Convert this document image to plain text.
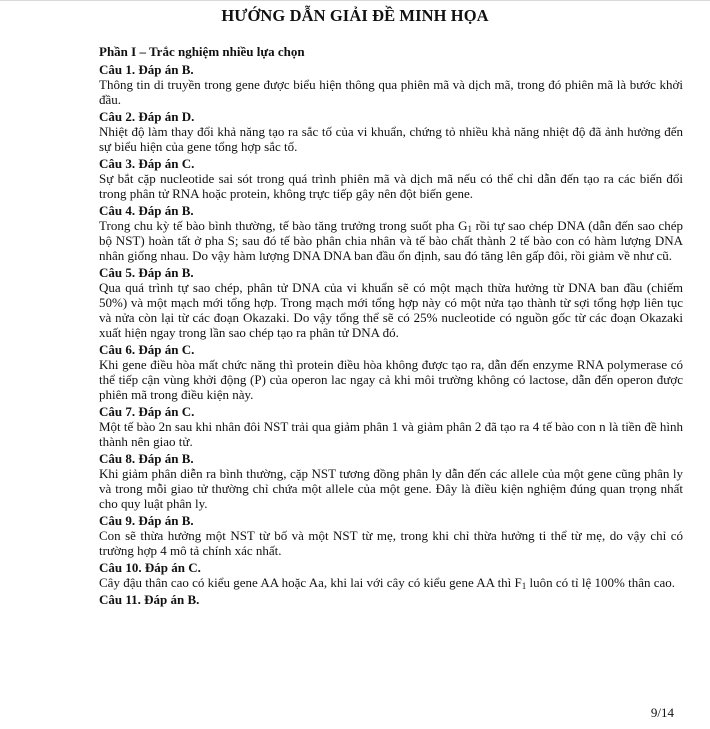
HƯỚNG DẪN GIẢI ĐỀ MINH HỌA
Phần I – Trắc nghiệm nhiều lựa chọn
Câu 1. Đáp án B.
Thông tin di truyền trong gene được biểu hiện thông qua phiên mã và dịch mã, trong đó phiên mã là bước khởi đầu.
Câu 2. Đáp án D.
Nhiệt độ làm thay đổi khả năng tạo ra sắc tố của vi khuẩn, chứng tỏ nhiều khả năng nhiệt độ đã ảnh hưởng đến sự biểu hiện của gene tổng hợp sắc tố.
Câu 3. Đáp án C.
Sự bắt cặp nucleotide sai sót trong quá trình phiên mã và dịch mã nếu có thể chỉ dẫn đến tạo ra các biến đổi trong phân tử RNA hoặc protein, không trực tiếp gây nên đột biến gene.
Câu 4. Đáp án B.
Trong chu kỳ tế bào bình thường, tế bào tăng trưởng trong suốt pha $G_1$ rồi tự sao chép DNA (dẫn đến sao chép bộ NST) hoàn tất ở pha S; sau đó tế bào phân chia nhân và tế bào chất thành 2 tế bào con có hàm lượng DNA nhân giống nhau. Do vậy hàm lượng DNA DNA ban đầu ổn định, sau đó tăng lên gấp đôi, rồi giảm về như cũ.
Câu 5. Đáp án B.
Qua quá trình tự sao chép, phân tử DNA của vi khuẩn sẽ có một mạch thừa hưởng từ DNA ban đầu (chiếm 50%) và một mạch mới tổng hợp. Trong mạch mới tổng hợp này có một nửa tạo thành từ sợi tổng hợp liên tục và nửa còn lại từ các đoạn Okazaki. Do vậy tổng thể sẽ có 25% nucleotide có nguồn gốc từ các đoạn Okazaki xuất hiện ngay trong lần sao chép tạo ra phân tử DNA đó.
Câu 6. Đáp án C.
Khi gene điều hòa mất chức năng thì protein điều hòa không được tạo ra, dẫn đến enzyme RNA polymerase có thể tiếp cận vùng khởi động (P) của operon lac ngay cả khi môi trường không có lactose, dẫn đến operon được phiên mã trong điều kiện này.
Câu 7. Đáp án C.
Một tế bào 2n sau khi nhân đôi NST trải qua giảm phân 1 và giảm phân 2 đã tạo ra 4 tế bào con n là tiền đề hình thành nên giao tử.
Câu 8. Đáp án B.
Khi giảm phân diễn ra bình thường, cặp NST tương đồng phân ly dẫn đến các allele của một gene cũng phân ly và trong mỗi giao tử thường chỉ chứa một allele của một gene. Đây là điều kiện nghiệm đúng quan trọng nhất cho quy luật phân ly.
Câu 9. Đáp án B.
Con sẽ thừa hưởng một NST từ bố và một NST từ mẹ, trong khi chỉ thừa hưởng ti thể từ mẹ, do vậy chỉ có trường hợp 4 mô tả chính xác nhất.
Câu 10. Đáp án C.
Cây đậu thân cao có kiểu gene AA hoặc Aa, khi lai với cây có kiểu gene AA thì $F_1$ luôn có tỉ lệ 100% thân cao.
Câu 11. Đáp án B.
9/14
